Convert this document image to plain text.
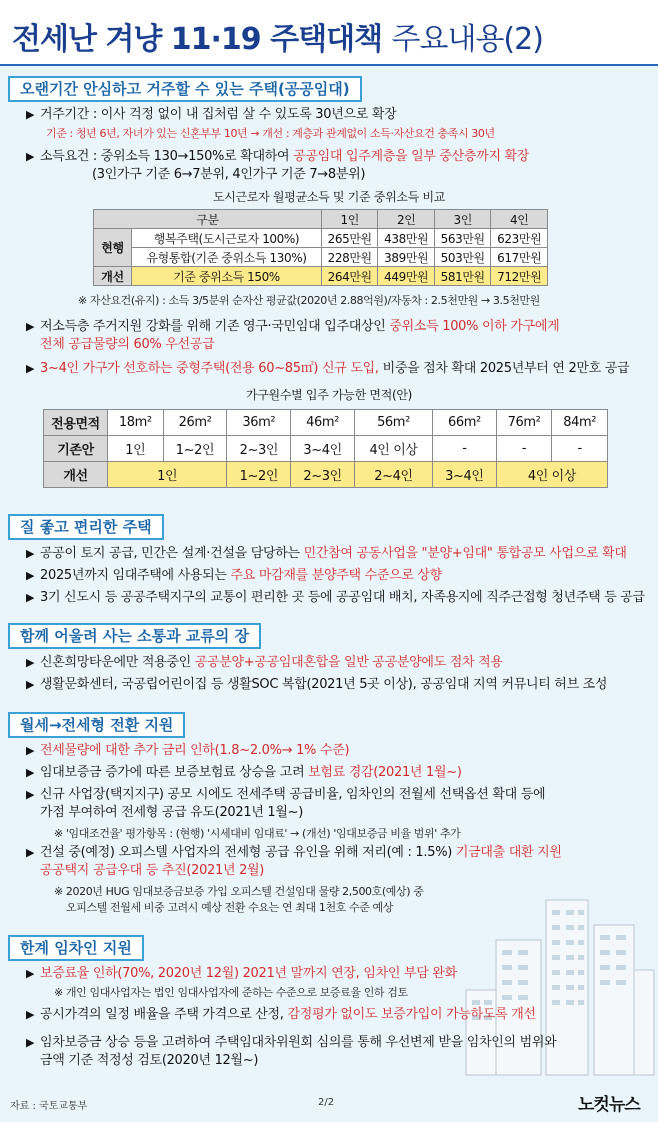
전세난 겨냥 11·19 주택대책 주요내용(2)
오랜기간 안심하고 거주할 수 있는 주택(공공임대)
▶ 거주기간 : 이사 걱정 없이 내 집처럼 살 수 있도록 30년으로 확장
기준 : 청년 6년, 자녀가 있는 신혼부부 10년 → 개선 : 계층과 관계없이 소득·자산요건 충족시 30년
▶ 소득요건 : 중위소득 130→150%로 확대하여 공공임대 입주계층을 일부 중산층까지 확장
(3인가구 기준 6→7분위, 4인가구 기준 7→8분위)
도시근로자 월평균소득 및 기준 중위소득 비교
구분		1인	2인	3인	4인
현행	행복주택(도시근로자 100%)	265만원	438만원	563만원	623만원
	유형통합(기준 중위소득 130%)	228만원	389만원	503만원	617만원
개선	기준 중위소득 150%	264만원	449만원	581만원	712만원
※ 자산요건(유지) : 소득 3/5분위 순자산 평균값(2020년 2.88억원)/자동차 : 2.5천만원 → 3.5천만원
▶ 저소득층 주거지원 강화를 위해 기존 영구·국민임대 입주대상인 중위소득 100% 이하 가구에게
전체 공급물량의 60% 우선공급
▶ 3~4인 가구가 선호하는 중형주택(전용 60~85㎡) 신규 도입, 비중을 점차 확대 2025년부터 연 2만호 공급
가구원수별 입주 가능한 면적(안)
전용면적	18m²	26m²	36m²	46m²	56m²	66m²	76m²	84m²
기존안	1인	1~2인	2~3인	3~4인	4인 이상	-	-	-
개선	1인		1~2인	2~3인	2~4인	3~4인	4인 이상	
질 좋고 편리한 주택
▶ 공공이 토지 공급, 민간은 설계·건설을 담당하는 민간참여 공동사업을 "분양+임대" 통합공모 사업으로 확대
▶ 2025년까지 임대주택에 사용되는 주요 마감재를 분양주택 수준으로 상향
▶ 3기 신도시 등 공공주택지구의 교통이 편리한 곳 등에 공공임대 배치, 자족용지에 직주근접형 청년주택 등 공급
함께 어울려 사는 소통과 교류의 장
▶ 신혼희망타운에만 적용중인 공공분양+공공임대혼합을 일반 공공분양에도 점차 적용
▶ 생활문화센터, 국공립어린이집 등 생활SOC 복합(2021년 5곳 이상), 공공임대 지역 커뮤니티 허브 조성
월세→전세형 전환 지원
▶ 전세물량에 대한 추가 금리 인하(1.8~2.0%→ 1% 수준)
▶ 임대보증금 증가에 따른 보증보험료 상승을 고려 보험료 경감(2021년 1월~)
▶ 신규 사업장(택지지구) 공모 시에도 전세주택 공급비율, 임차인의 전월세 선택옵션 확대 등에
가점 부여하여 전세형 공급 유도(2021년 1월~)
※ '임대조건율' 평가항목 : (현행) '시세대비 임대료' → (개선) '임대보증금 비율 범위' 추가
▶ 건설 중(예정) 오피스텔 사업자의 전세형 공급 유인을 위해 저리(예 : 1.5%) 기금대출 대환 지원
공공택지 공급우대 등 추진(2021년 2월)
※ 2020년 HUG 임대보증금보증 가입 오피스텔 건설임대 물량 2,500호(예상) 중
오피스텔 전월세 비중 고려시 예상 전환 수요는 연 최대 1천호 수준 예상
한계 임차인 지원
▶ 보증료율 인하(70%, 2020년 12월) 2021년 말까지 연장, 임차인 부담 완화
※ 개인 임대사업자는 법인 임대사업자에 준하는 수준으로 보증료율 인하 검토
▶ 공시가격의 일정 배율을 주택 가격으로 산정, 감정평가 없이도 보증가입이 가능하도록 개선
▶ 임차보증금 상승 등을 고려하여 주택임대차위원회 심의를 통해 우선변제 받을 임차인의 범위와
금액 기준 적정성 검토(2020년 12월~)
자료 : 국토교통부	2/2	노컷뉴스
